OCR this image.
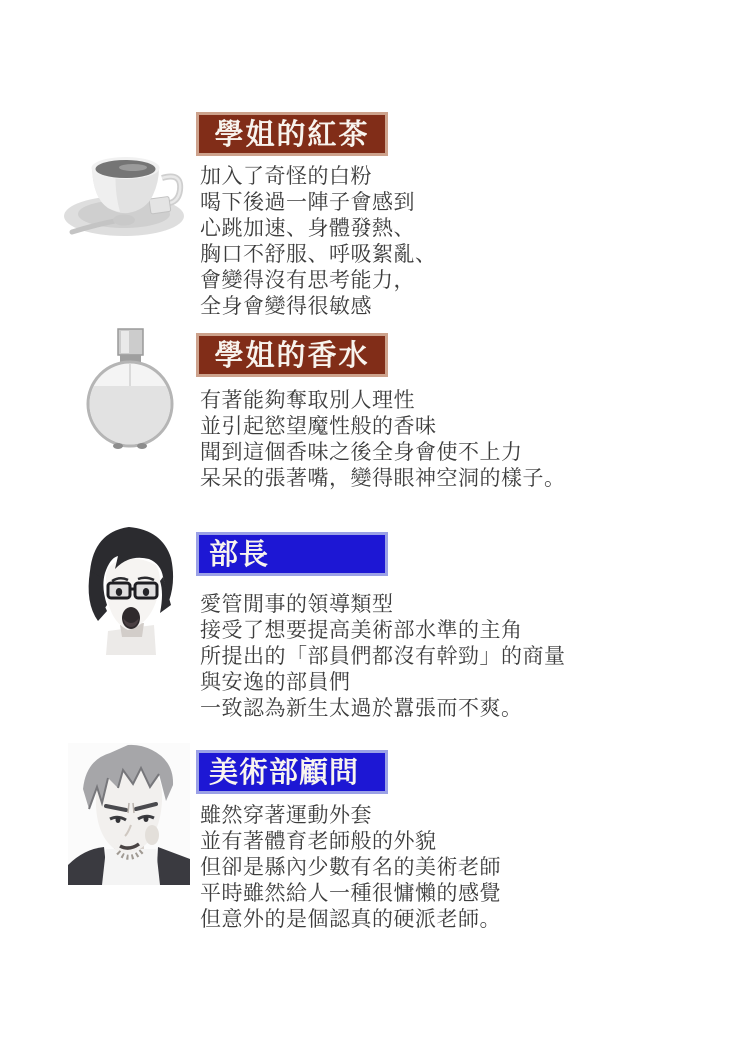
學姐的紅茶
加入了奇怪的白粉
喝下後過一陣子會感到
心跳加速、身體發熱、
胸口不舒服、呼吸絮亂、
會變得沒有思考能力，
全身會變得很敏感
學姐的香水
有著能夠奪取別人理性
並引起慾望魔性般的香味
聞到這個香味之後全身會使不上力
呆呆的張著嘴，變得眼神空洞的樣子。
部長
愛管閒事的領導類型
接受了想要提高美術部水準的主角
所提出的「部員們都沒有幹勁」的商量
與安逸的部員們
一致認為新生太過於囂張而不爽。
美術部顧問
雖然穿著運動外套
並有著體育老師般的外貌
但卻是縣內少數有名的美術老師
平時雖然給人一種很慵懶的感覺
但意外的是個認真的硬派老師。
